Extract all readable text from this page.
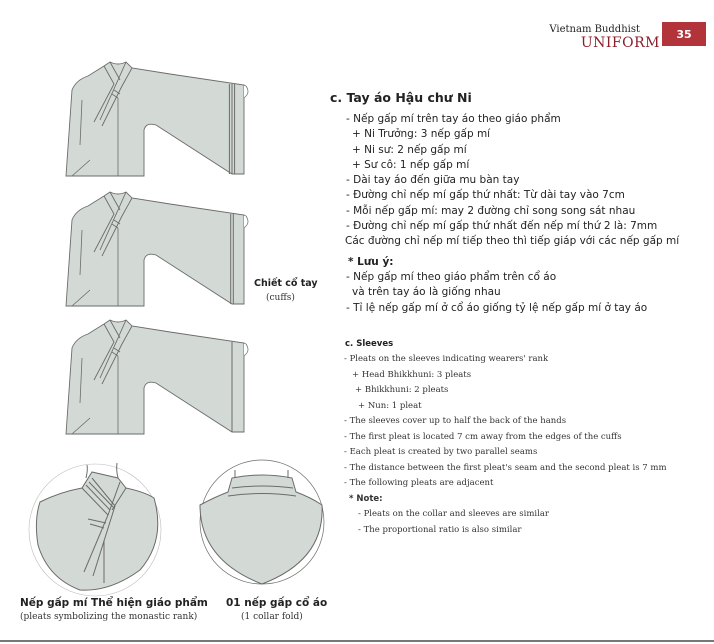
Vietnam Buddhist
UNIFORM
35
c. Tay áo Hậu chư Ni
- Nếp gấp mí trên tay áo theo giáo phẩm
+ Ni Trưởng: 3 nếp gấp mí
+ Ni sư: 2 nếp gấp mí
+ Sư cô: 1 nếp gấp mí
- Dài tay áo đến giữa mu bàn tay
- Đường chỉ nếp mí gấp thứ nhất: Từ dài tay vào 7cm
- Mỗi nếp gấp mí: may 2 đường chỉ song song sát nhau
- Đường chỉ nếp mí gấp thứ nhất đến nếp mí thứ 2 là: 7mm
Các đường chỉ nếp mí tiếp theo thì tiếp giáp với các nếp gấp mí
* Lưu ý:
- Nếp gấp mí theo giáo phẩm trên cổ áo
và trên tay áo là giống nhau
- Tỉ lệ nếp gấp mí ở cổ áo giống tỷ lệ nếp gấp mí ở tay áo
c. Sleeves
- Pleats on the sleeves indicating wearers' rank
+ Head Bhikkhuni: 3 pleats
+ Bhikkhuni: 2 pleats
+ Nun: 1 pleat
- The sleeves cover up to half the back of the hands
- The first pleat is located 7 cm away from the edges of the cuffs
- Each pleat is created by two parallel seams
- The distance between the first pleat's seam and the second pleat is 7 mm
- The following pleats are adjacent
* Note:
- Pleats on the collar and sleeves are similar
- The proportional ratio is also similar
Chiết cổ tay
(cuffs)
Nếp gấp mí Thể hiện giáo phẩm
(pleats symbolizing the monastic rank)
01 nếp gấp cổ áo
(1 collar fold)
